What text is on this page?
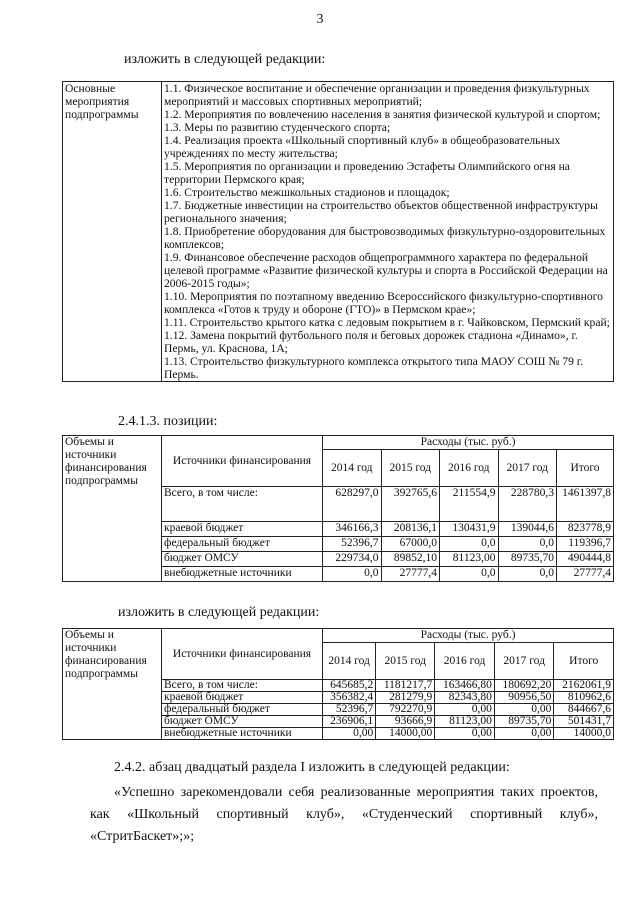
3
изложить в следующей редакции:
Основные мероприятия подпрограммы	
1.1. Физическое воспитание и обеспечение организации и проведения физкультурных мероприятий и массовых спортивных мероприятий;
1.2. Мероприятия по вовлечению населения в занятия физической культурой и спортом;
1.3. Меры по развитию студенческого спорта;
1.4. Реализация проекта «Школьный спортивный клуб» в общеобразовательных учреждениях по месту жительства;
1.5. Мероприятия по организации и проведению Эстафеты Олимпийского огня на территории Пермского края;
1.6. Строительство межшкольных стадионов и площадок;
1.7. Бюджетные инвестиции на строительство объектов общественной инфраструктуры регионального значения;
1.8. Приобретение оборудования для быстровозводимых физкультурно-оздоровительных комплексов;
1.9. Финансовое обеспечение расходов общепрограммного характера по федеральной целевой программе «Развитие физической культуры и спорта в Российской Федерации на 2006-2015 годы»;
1.10. Мероприятия по поэтапному введению Всероссийского физкультурно-спортивного комплекса «Готов к труду и обороне (ГТО)» в Пермском крае»;
1.11. Строительство крытого катка с ледовым покрытием в г. Чайковском, Пермский край;
1.12. Замена покрытий футбольного поля и беговых дорожек стадиона «Динамо», г. Пермь, ул. Краснова, 1А;
1.13. Строительство физкультурного комплекса открытого типа МАОУ СОШ № 79 г. Пермь.
2.4.1.3. позиции:
Объемы и источники финансирования подпрограммы	Источники финансирования	Расходы (тыс. руб.)				
		2014 год	2015 год	2016 год	2017 год	Итого
	Всего, в том числе:	628297,0	392765,6	211554,9	228780,3	1461397,8
	краевой бюджет	346166,3	208136,1	130431,9	139044,6	823778,9
	федеральный бюджет	52396,7	67000,0	0,0	0,0	119396,7
	бюджет ОМСУ	229734,0	89852,10	81123,00	89735,70	490444,8
	внебюджетные источники	0,0	27777,4	0,0	0,0	27777,4
изложить в следующей редакции:
Объемы и источники финансирования подпрограммы	Источники финансирования	Расходы (тыс. руб.)				
		2014 год	2015 год	2016 год	2017 год	Итого
	Всего, в том числе:	645685,2	1181217,7	163466,80	180692,20	2162061,9
	краевой бюджет	356382,4	281279,9	82343,80	90956,50	810962,6
	федеральный бюджет	52396,7	792270,9	0,00	0,00	844667,6
	бюджет ОМСУ	236906,1	93666,9	81123,00	89735,70	501431,7
	внебюджетные источники	0,00	14000,00	0,00	0,00	14000,0
2.4.2. абзац двадцатый раздела I изложить в следующей редакции:
«Успешно зарекомендовали себя реализованные мероприятия таких проектов, как «Школьный спортивный клуб», «Студенческий спортивный клуб», «СтритБаскет»;»;
